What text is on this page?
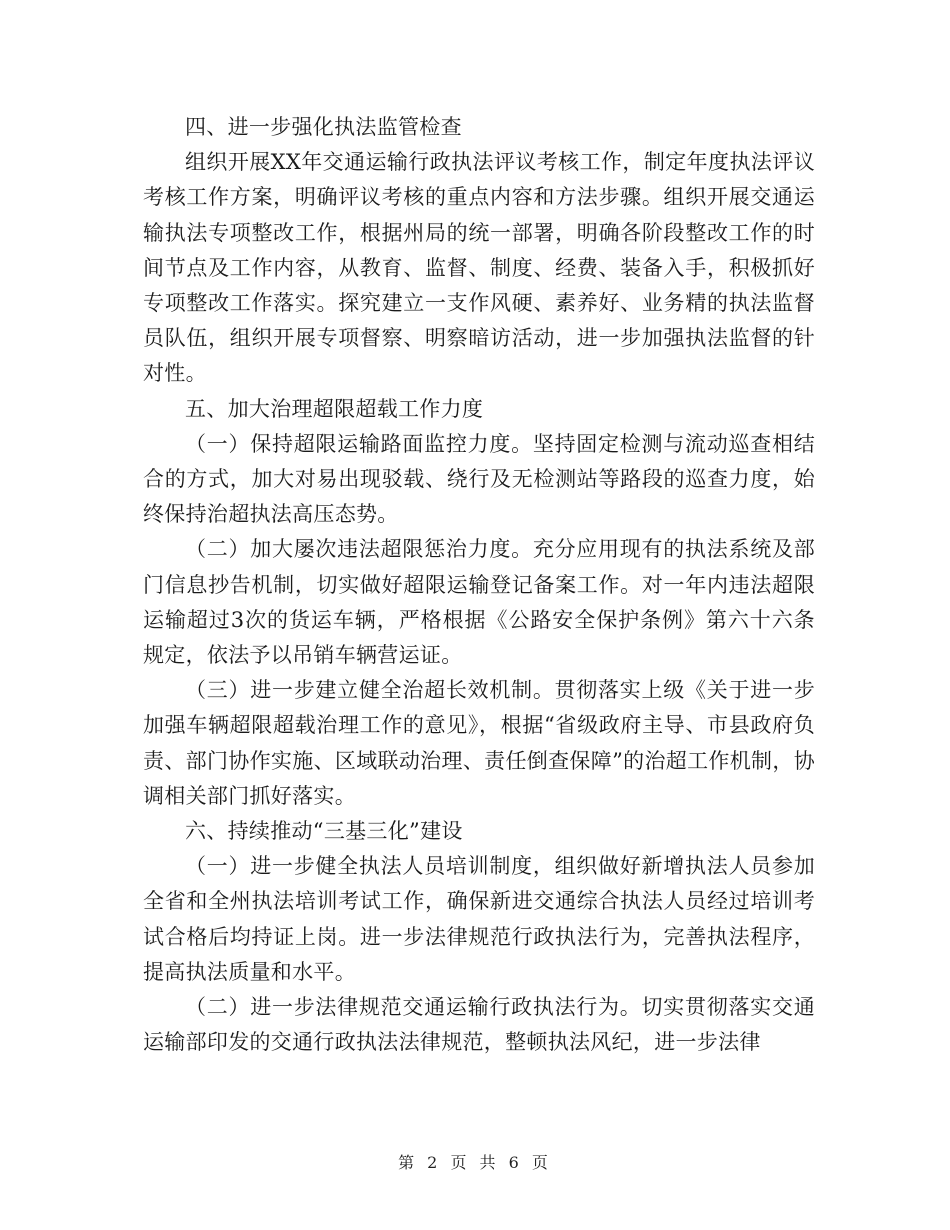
四、进一步强化执法监管检查

组织开展XX年交通运输行政执法评议考核工作，制定年度执法评议考核工作方案，明确评议考核的重点内容和方法步骤。组织开展交通运输执法专项整改工作，根据州局的统一部署，明确各阶段整改工作的时间节点及工作内容，从教育、监督、制度、经费、装备入手，积极抓好专项整改工作落实。探究建立一支作风硬、素养好、业务精的执法监督员队伍，组织开展专项督察、明察暗访活动，进一步加强执法监督的针对性。

五、加大治理超限超载工作力度

（一）保持超限运输路面监控力度。坚持固定检测与流动巡查相结合的方式，加大对易出现驳载、绕行及无检测站等路段的巡查力度，始终保持治超执法高压态势。

（二）加大屡次违法超限惩治力度。充分应用现有的执法系统及部门信息抄告机制，切实做好超限运输登记备案工作。对一年内违法超限运输超过3次的货运车辆，严格根据《公路安全保护条例》第六十六条规定，依法予以吊销车辆营运证。

（三）进一步建立健全治超长效机制。贯彻落实上级《关于进一步加强车辆超限超载治理工作的意见》，根据“省级政府主导、市县政府负责、部门协作实施、区域联动治理、责任倒查保障”的治超工作机制，协调相关部门抓好落实。

六、持续推动“三基三化”建设

（一）进一步健全执法人员培训制度，组织做好新增执法人员参加全省和全州执法培训考试工作，确保新进交通综合执法人员经过培训考试合格后均持证上岗。进一步法律规范行政执法行为，完善执法程序，提高执法质量和水平。

（二）进一步法律规范交通运输行政执法行为。切实贯彻落实交通运输部印发的交通行政执法法律规范，整顿执法风纪，进一步法律

第 2 页 共 6 页
